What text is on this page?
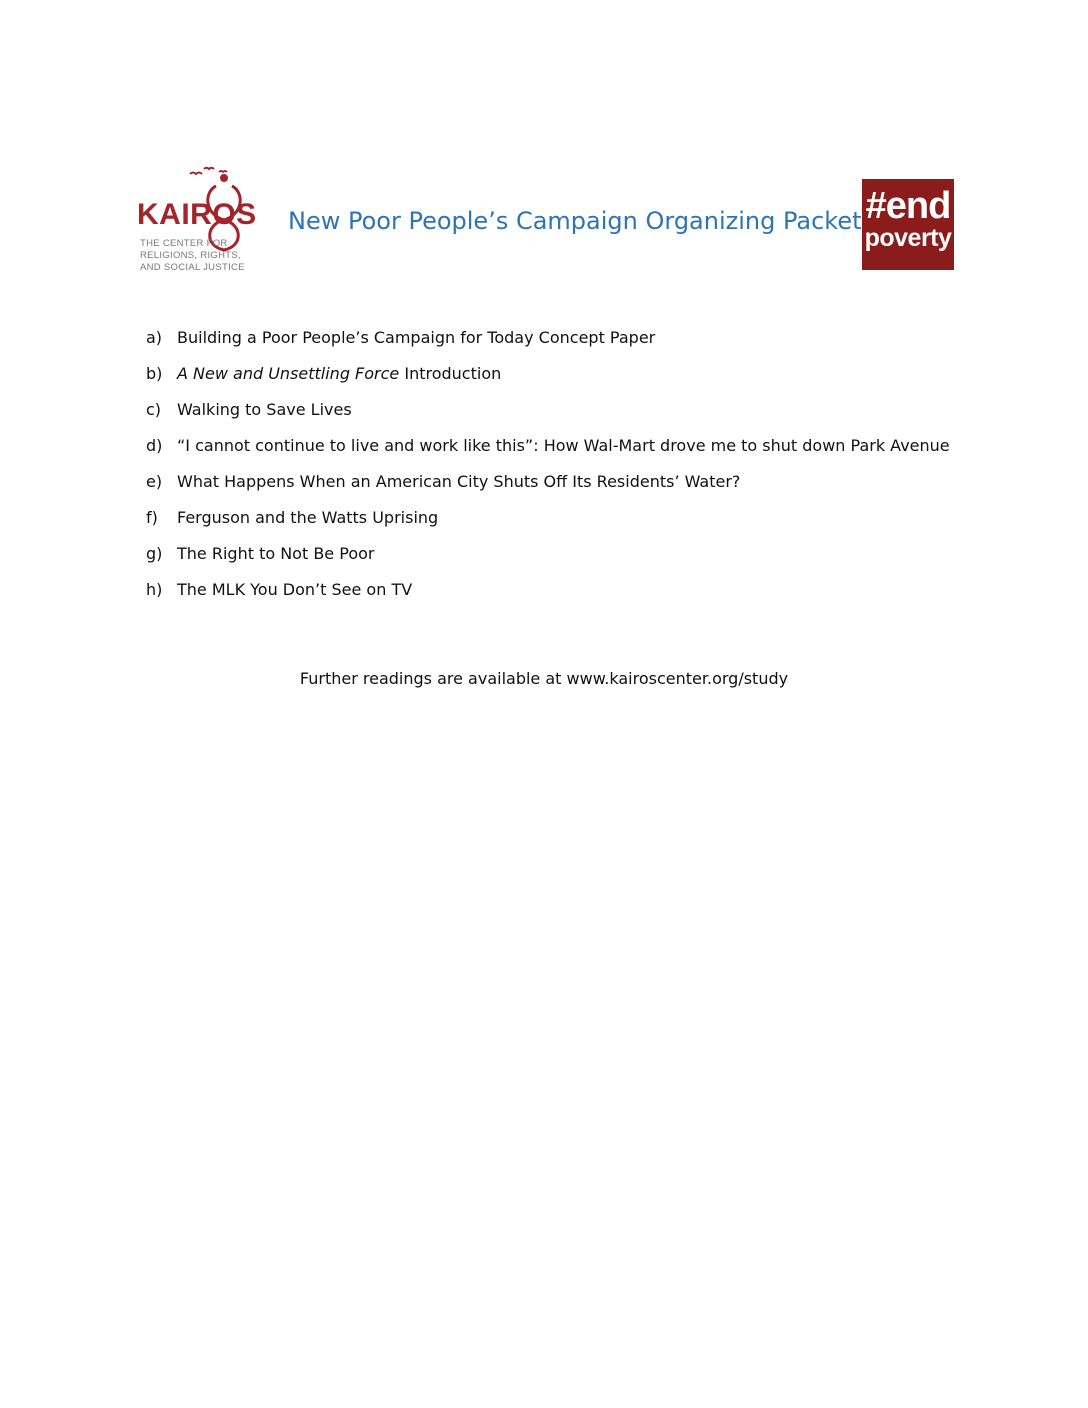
KAIROS
THE CENTER FOR
RELIGIONS, RIGHTS,
AND SOCIAL JUSTICE
New Poor People’s Campaign Organizing Packet #end
poverty
a) Building a Poor People’s Campaign for Today Concept Paper
b) A New and Unsettling Force Introduction
c) Walking to Save Lives
d) “I cannot continue to live and work like this”: How Wal-Mart drove me to shut down Park Avenue
e) What Happens When an American City Shuts Off Its Residents’ Water?
f) Ferguson and the Watts Uprising
g) The Right to Not Be Poor
h) The MLK You Don’t See on TV
Further readings are available at www.kairoscenter.org/study
